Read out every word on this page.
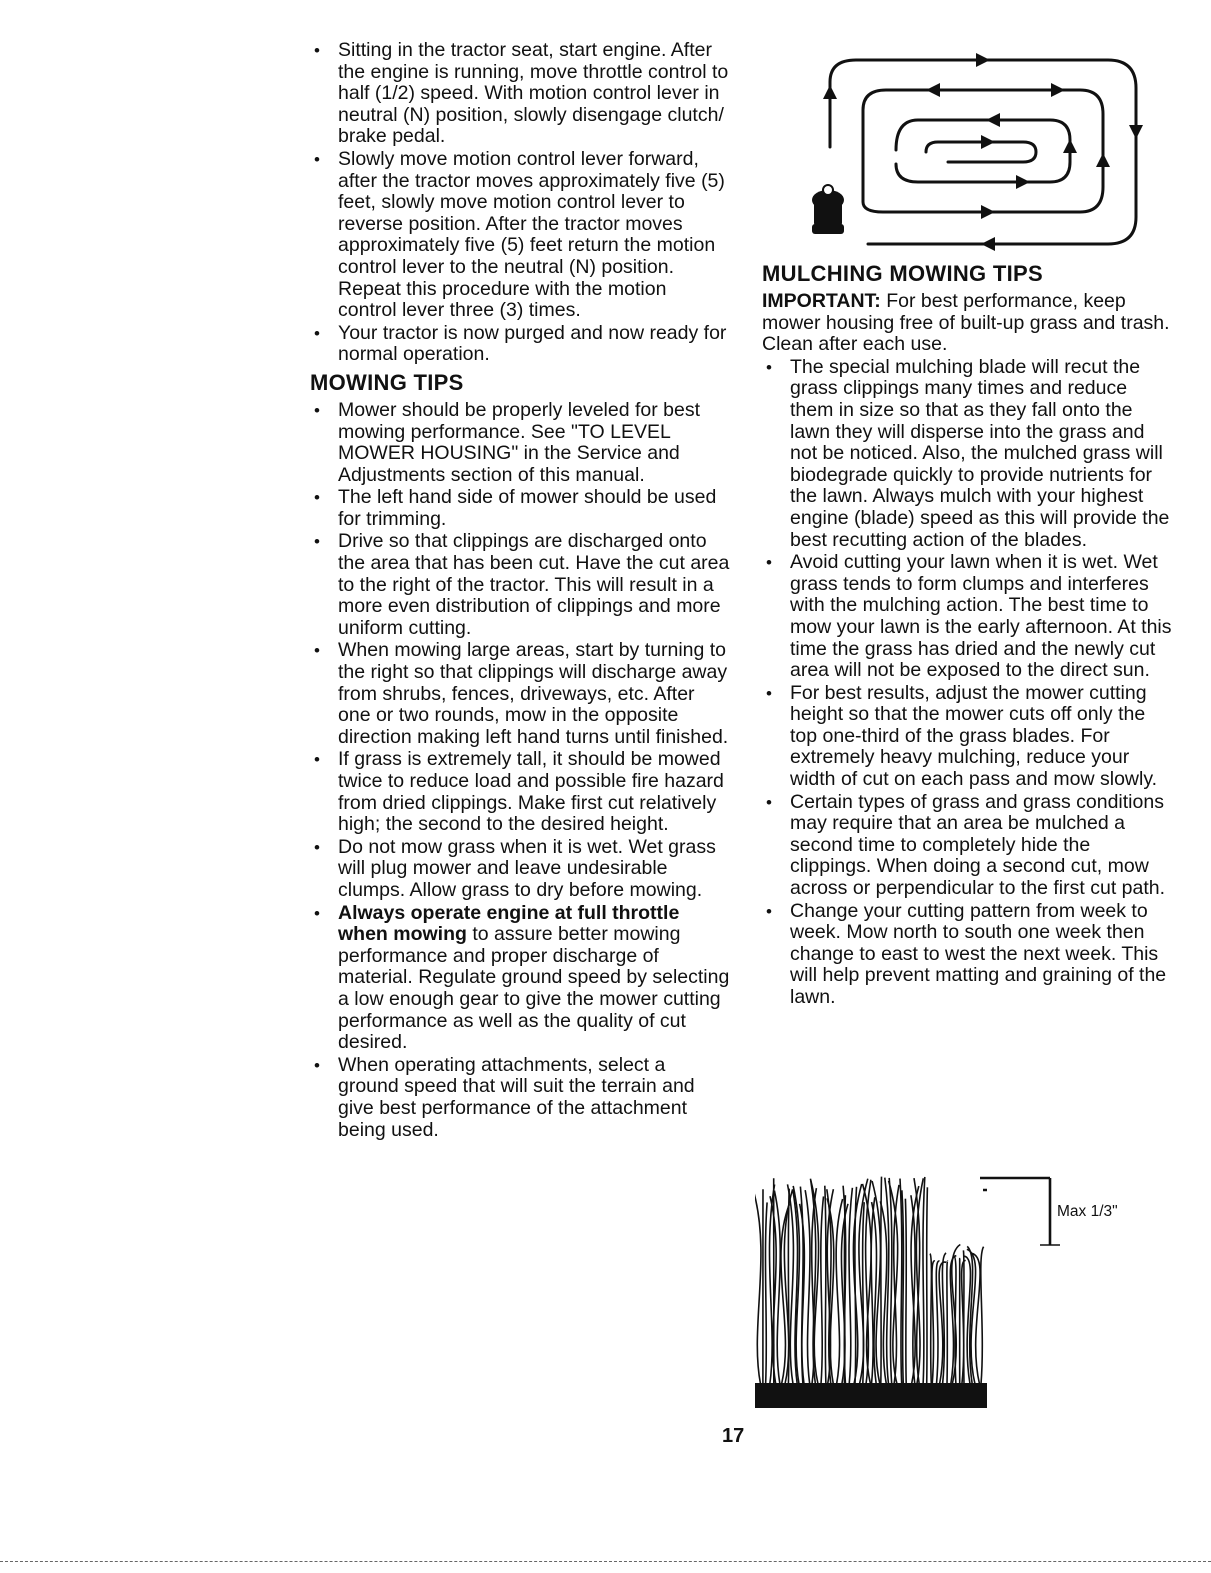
• Sitting in the tractor seat, start engine. After the engine is running, move throttle control to half (1/2) speed. With motion control lever in neutral (N) position, slowly disengage clutch/ brake pedal.
• Slowly move motion control lever forward, after the tractor moves approximately five (5) feet, slowly move motion control lever to reverse position. After the tractor moves approximately five (5) feet return the motion control lever to the neutral (N) position. Repeat this procedure with the motion control lever three (3) times.
• Your tractor is now purged and now ready for normal operation.
MOWING TIPS
• Mower should be properly leveled for best mowing performance. See "TO LEVEL MOWER HOUSING" in the Service and Adjustments section of this manual.
• The left hand side of mower should be used for trimming.
• Drive so that clippings are discharged onto the area that has been cut. Have the cut area to the right of the tractor. This will result in a more even distribution of clippings and more uniform cutting.
• When mowing large areas, start by turning to the right so that clippings will discharge away from shrubs, fences, driveways, etc. After one or two rounds, mow in the opposite direction making left hand turns until finished.
• If grass is extremely tall, it should be mowed twice to reduce load and possible fire hazard from dried clippings. Make first cut relatively high; the second to the desired height.
• Do not mow grass when it is wet. Wet grass will plug mower and leave undesirable clumps. Allow grass to dry before mowing.
• Always operate engine at full throttle when mowing to assure better mowing performance and proper discharge of material. Regulate ground speed by selecting a low enough gear to give the mower cutting performance as well as the quality of cut desired.
• When operating attachments, select a ground speed that will suit the terrain and give best performance of the attachment being used.
MULCHING MOWING TIPS

IMPORTANT: For best performance, keep mower housing free of built-up grass and trash. Clean after each use.

• The special mulching blade will recut the grass clippings many times and reduce them in size so that as they fall onto the lawn they will disperse into the grass and not be noticed. Also, the mulched grass will biodegrade quickly to provide nutrients for the lawn. Always mulch with your highest engine (blade) speed as this will provide the best recutting action of the blades.
• Avoid cutting your lawn when it is wet. Wet grass tends to form clumps and interferes with the mulching action. The best time to mow your lawn is the early afternoon. At this time the grass has dried and the newly cut area will not be exposed to the direct sun.
• For best results, adjust the mower cutting height so that the mower cuts off only the top one-third of the grass blades. For extremely heavy mulching, reduce your width of cut on each pass and mow slowly.
• Certain types of grass and grass conditions may require that an area be mulched a second time to completely hide the clippings. When doing a second cut, mow across or perpendicular to the first cut path.
• Change your cutting pattern from week to week. Mow north to south one week then change to east to west the next week. This will help prevent matting and graining of the lawn.
Max 1/3"
17
